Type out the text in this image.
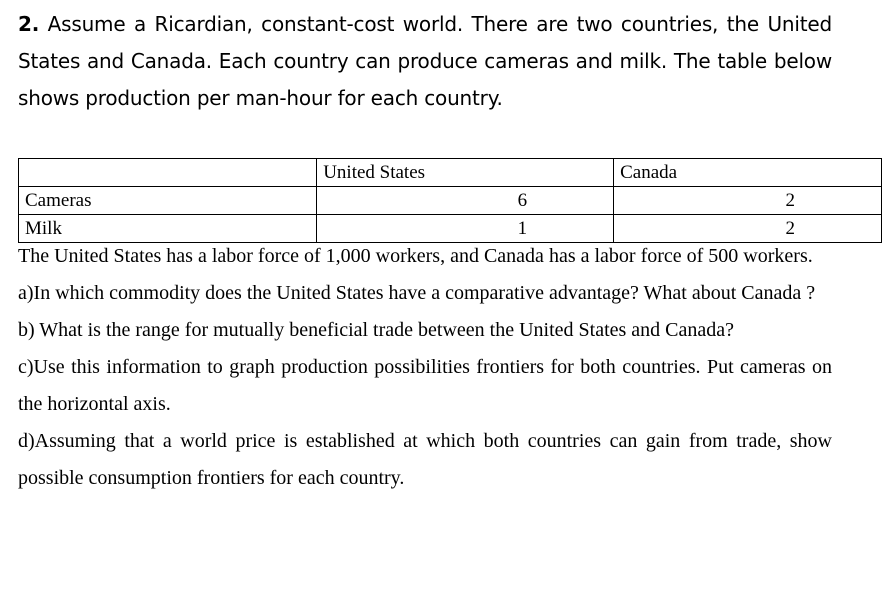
2. Assume a Ricardian, constant-cost world. There are two countries, the United States and Canada. Each country can produce cameras and milk. The table below shows production per man-hour for each country.
	United States	Canada
Cameras	6	2
Milk	1	2

The United States has a labor force of 1,000 workers, and Canada has a labor force of 500 workers.

a)In which commodity does the United States have a comparative advantage? What about Canada ?

b) What is the range for mutually beneficial trade between the United States and Canada?

c)Use this information to graph production possibilities frontiers for both countries. Put cameras on the horizontal axis.

d)Assuming that a world price is established at which both countries can gain from trade, show possible consumption frontiers for each country.
